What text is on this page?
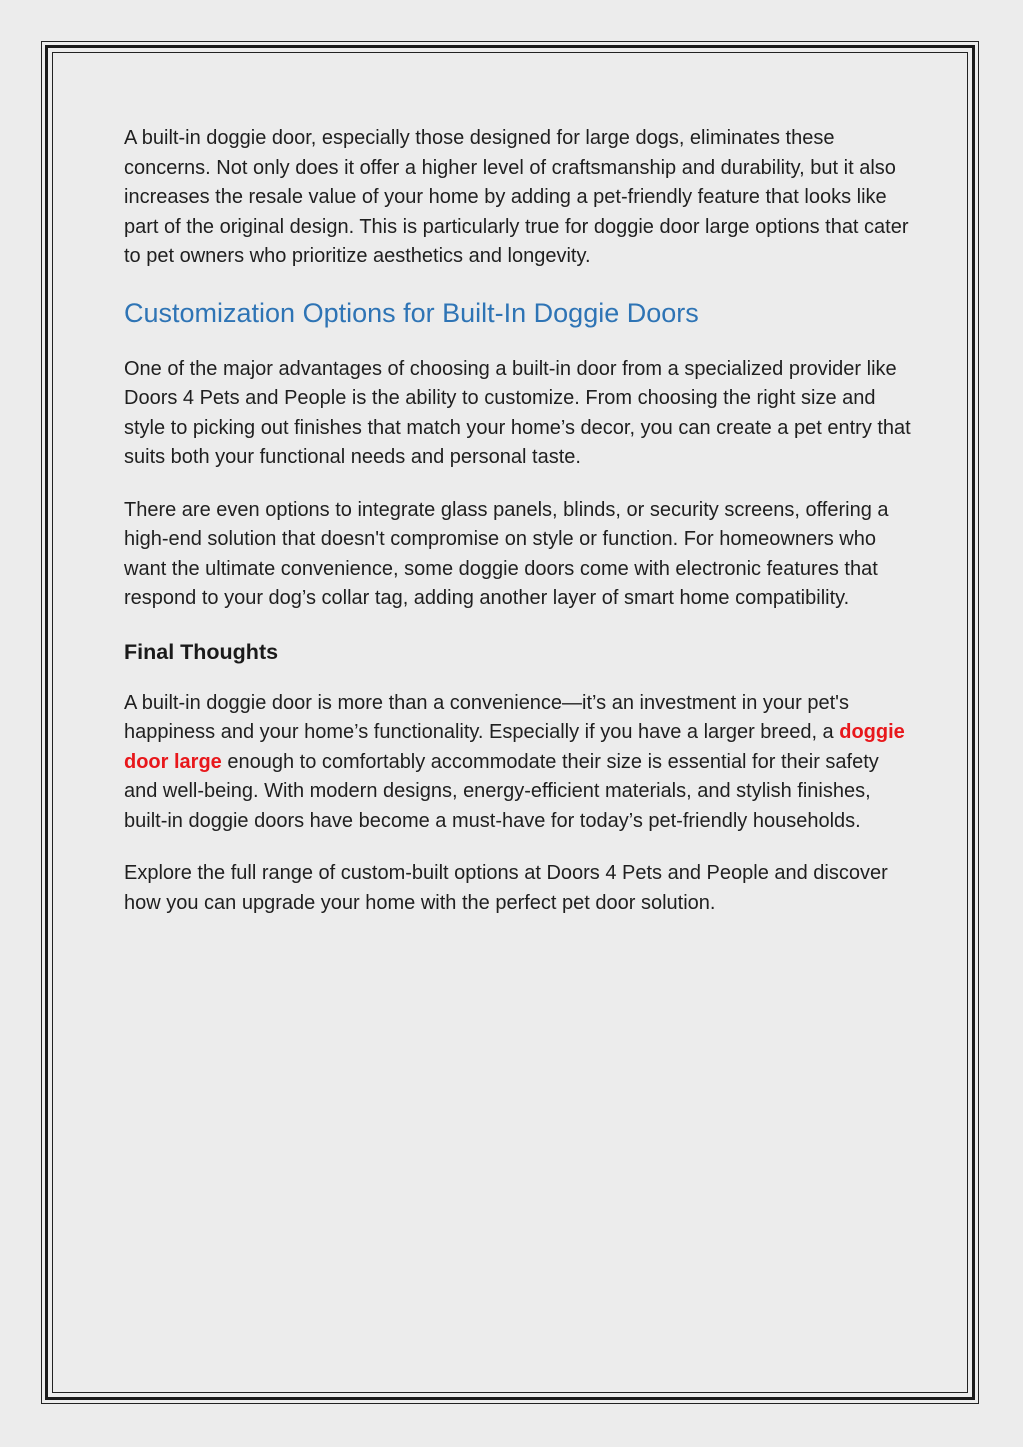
A built-in doggie door, especially those designed for large dogs, eliminates these concerns. Not only does it offer a higher level of craftsmanship and durability, but it also increases the resale value of your home by adding a pet-friendly feature that looks like part of the original design. This is particularly true for doggie door large options that cater to pet owners who prioritize aesthetics and longevity.

Customization Options for Built-In Doggie Doors

One of the major advantages of choosing a built-in door from a specialized provider like Doors 4 Pets and People is the ability to customize. From choosing the right size and style to picking out finishes that match your home’s decor, you can create a pet entry that suits both your functional needs and personal taste.

There are even options to integrate glass panels, blinds, or security screens, offering a high-end solution that doesn't compromise on style or function. For homeowners who want the ultimate convenience, some doggie doors come with electronic features that respond to your dog’s collar tag, adding another layer of smart home compatibility.

Final Thoughts

A built-in doggie door is more than a convenience—it’s an investment in your pet's happiness and your home’s functionality. Especially if you have a larger breed, a doggie door large enough to comfortably accommodate their size is essential for their safety and well-being. With modern designs, energy-efficient materials, and stylish finishes, built-in doggie doors have become a must-have for today’s pet-friendly households.

Explore the full range of custom-built options at Doors 4 Pets and People and discover how you can upgrade your home with the perfect pet door solution.
